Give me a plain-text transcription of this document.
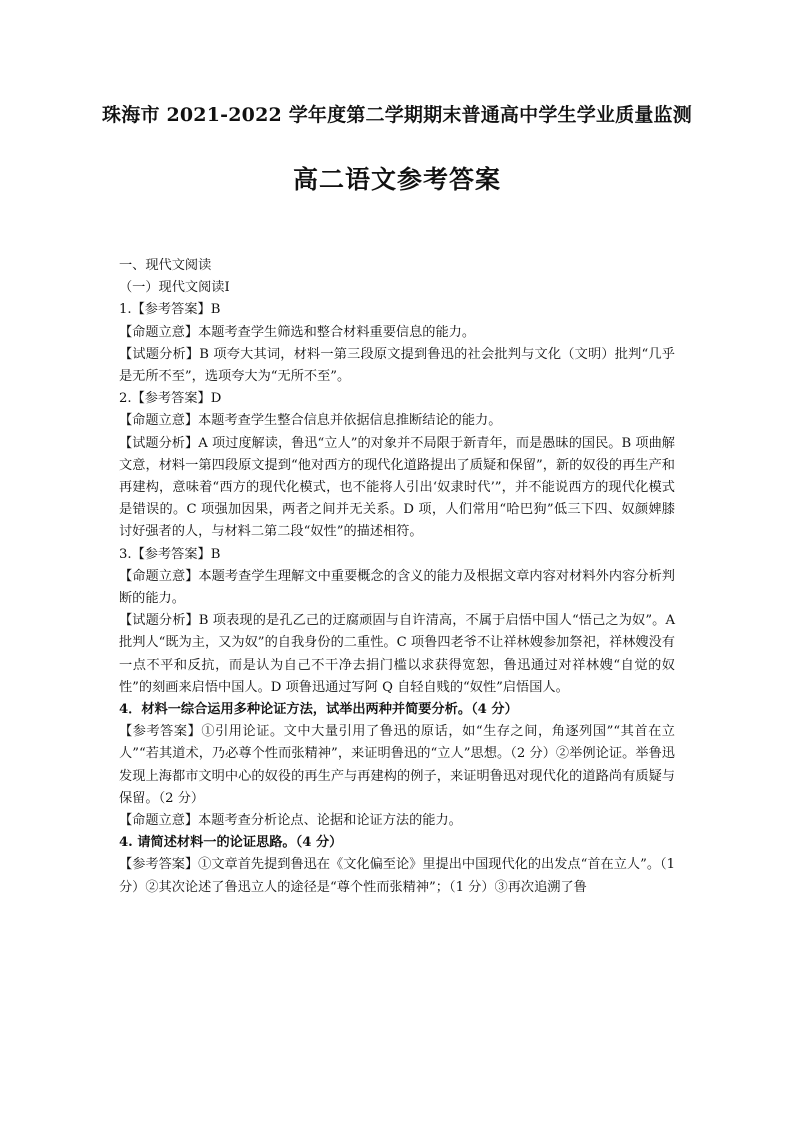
珠海市 2021-2022 学年度第二学期期末普通高中学生学业质量监测
高二语文参考答案

一、现代文阅读

（一）现代文阅读Ⅰ

1.【参考答案】B

【命题立意】本题考查学生筛选和整合材料重要信息的能力。

【试题分析】B 项夸大其词，材料一第三段原文提到鲁迅的社会批判与文化（文明）批判“几乎是无所不至”，选项夸大为“无所不至”。

2.【参考答案】D

【命题立意】本题考查学生整合信息并依据信息推断结论的能力。

【试题分析】A 项过度解读，鲁迅“立人”的对象并不局限于新青年，而是愚昧的国民。B 项曲解文意，材料一第四段原文提到“他对西方的现代化道路提出了质疑和保留”，新的奴役的再生产和再建构，意味着“西方的现代化模式，也不能将人引出‘奴隶时代’”，并不能说西方的现代化模式是错误的。C 项强加因果，两者之间并无关系。D 项，人们常用“哈巴狗”低三下四、奴颜婢膝讨好强者的人，与材料二第二段“奴性”的描述相符。

3.【参考答案】B

【命题立意】本题考查学生理解文中重要概念的含义的能力及根据文章内容对材料外内容分析判断的能力。

【试题分析】B 项表现的是孔乙己的迂腐顽固与自许清高，不属于启悟中国人“悟己之为奴”。A 批判人“既为主，又为奴”的自我身份的二重性。C 项鲁四老爷不让祥林嫂参加祭祀，祥林嫂没有一点不平和反抗，而是认为自己不干净去捐门槛以求获得宽恕，鲁迅通过对祥林嫂“自觉的奴性”的刻画来启悟中国人。D 项鲁迅通过写阿 Q 自轻自贱的“奴性”启悟国人。

4．材料一综合运用多种论证方法，试举出两种并简要分析。（4 分）

【参考答案】①引用论证。文中大量引用了鲁迅的原话，如“生存之间，角逐列国”“其首在立人”“若其道术，乃必尊个性而张精神”，来证明鲁迅的“立人”思想。（2 分）②举例论证。举鲁迅发现上海都市文明中心的奴役的再生产与再建构的例子，来证明鲁迅对现代化的道路尚有质疑与保留。（2 分）

【命题立意】本题考查分析论点、论据和论证方法的能力。

4. 请简述材料一的论证思路。（4 分）

【参考答案】①文章首先提到鲁迅在《文化偏至论》里提出中国现代化的出发点“首在立人”。（1 分）②其次论述了鲁迅立人的途径是“尊个性而张精神”；（1 分）③再次追溯了鲁
